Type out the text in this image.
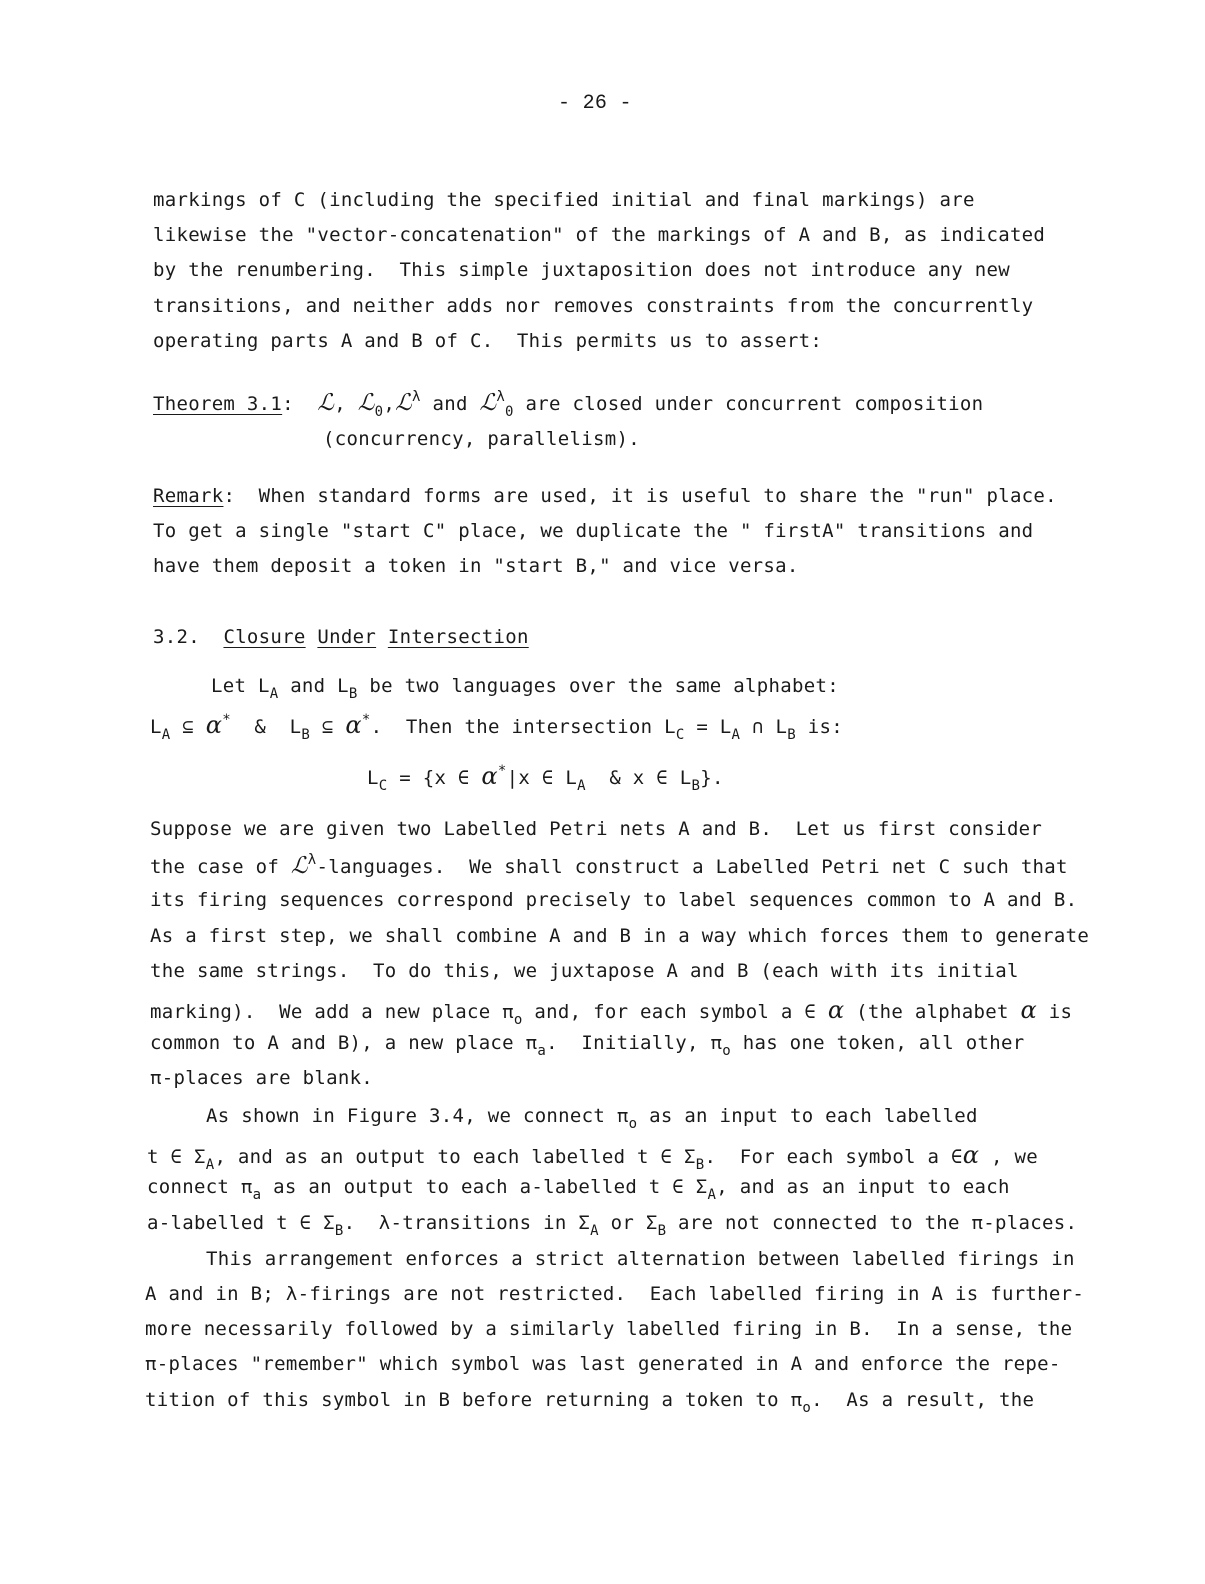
- 26 -
markings of C (including the specified initial and final markings) are
likewise the "vector-concatenation" of the markings of A and B, as indicated
by the renumbering.  This simple juxtaposition does not introduce any new
transitions, and neither adds nor removes constraints from the concurrently
operating parts A and B of C.  This permits us to assert:
Theorem 3.1: ℒ, ℒ$_0$,ℒ$^\lambda$ and ℒ$^\lambda_0$ are closed under concurrent composition
(concurrency, parallelism).
Remark:  When standard forms are used, it is useful to share the "run" place.
To get a single "start C" place, we duplicate the " firstA" transitions and
have them deposit a token in "start B," and vice versa.
3.2. Closure Under Intersection
Let $L_A$ and $L_B$ be two languages over the same alphabet:
$L_A$ ⊆ α*  &  $L_B$ ⊆ α*.  Then the intersection $L_C = L_A$ ∩ $L_B$ is:
$L_C = \{x$ ∈ α*|x ∈ $L_A$  & x ∈ $L_B$}.
Suppose we are given two Labelled Petri nets A and B.  Let us first consider
the case of ℒ$^\lambda$-languages.  We shall construct a Labelled Petri net C such that
its firing sequences correspond precisely to label sequences common to A and B.
As a first step, we shall combine A and B in a way which forces them to generate
the same strings.  To do this, we juxtapose A and B (each with its initial
marking).  We add a new place $\pi_o$ and, for each symbol a ∈ α (the alphabet α is
common to A and B), a new place $\pi_a$.  Initially, $\pi_o$ has one token, all other
π-places are blank.
As shown in Figure 3.4, we connect $\pi_o$ as an input to each labelled
t ∈ $\Sigma_A$, and as an output to each labelled t ∈ $\Sigma_B$.  For each symbol a ∈α , we
connect $\pi_a$ as an output to each a-labelled t ∈ $\Sigma_A$, and as an input to each
a-labelled t ∈ $\Sigma_B$.  λ-transitions in $\Sigma_A$ or $\Sigma_B$ are not connected to the π-places.
This arrangement enforces a strict alternation between labelled firings in
A and in B; λ-firings are not restricted.  Each labelled firing in A is further-
more necessarily followed by a similarly labelled firing in B.  In a sense, the
π-places "remember" which symbol was last generated in A and enforce the repe-
tition of this symbol in B before returning a token to $\pi_o$.  As a result, the
